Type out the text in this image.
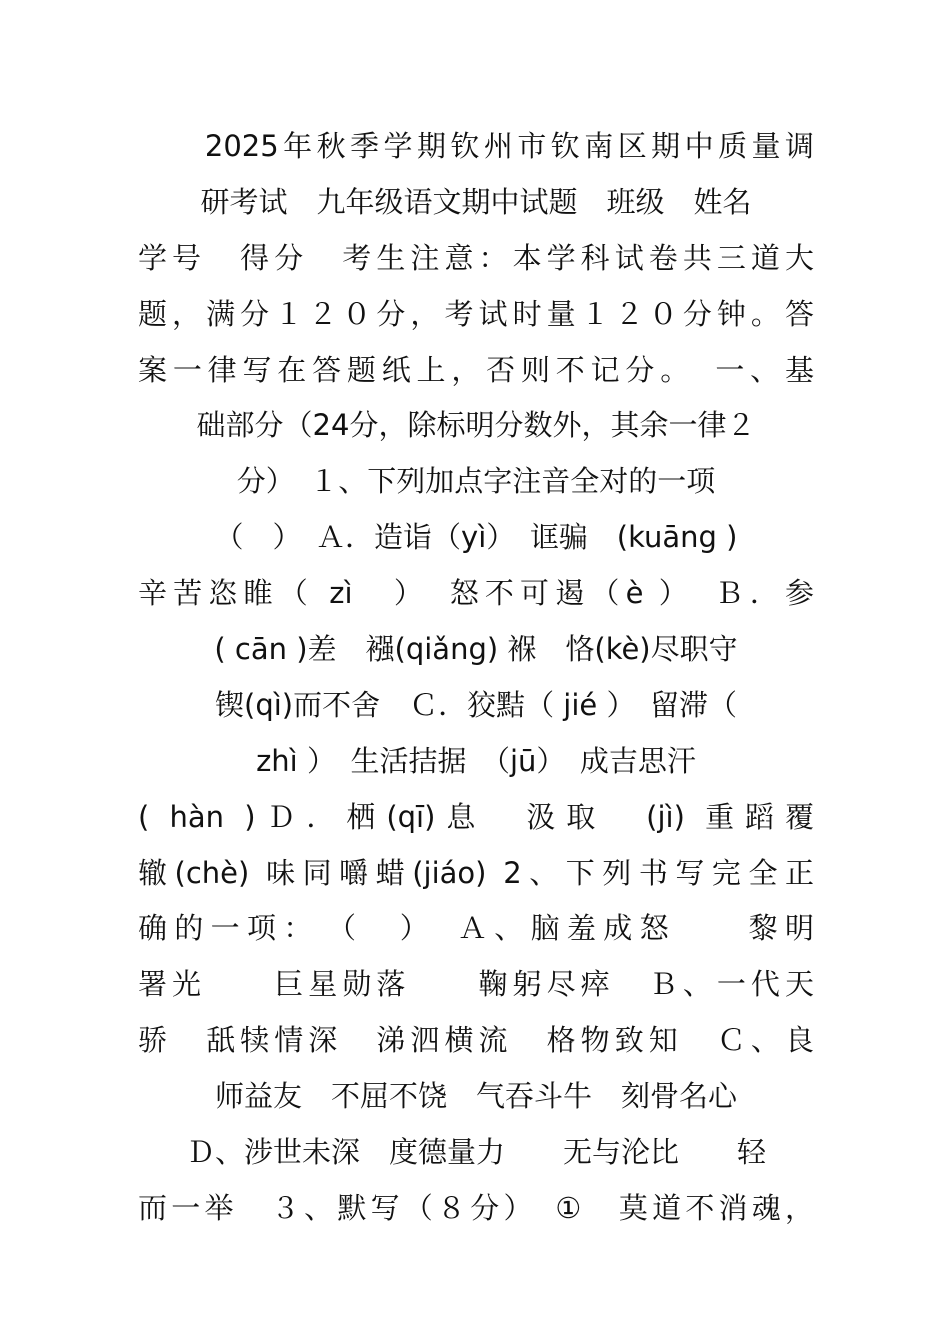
　　2025年秋季学期钦州市钦南区期中质量调
研考试　九年级语文期中试题　班级　姓名
学号　得分　考生注意：本学科试卷共三道大
题，满分１２０分，考试时量１２０分钟。答
案一律写在答题纸上，否则不记分。　一、基
础部分（24分，除标明分数外，其余一律２
分）　１、下列加点字注音全对的一项
（　）　Ａ．造诣（yì）　诓骗　(kuāng )
辛苦恣睢（ zì　）　怒不可遏（è ）　Ｂ．参
( cān )差　襁(qiǎng) 褓　恪(kè)尽职守
锲(qì)而不舍　Ｃ．狡黠（ jié ）　留滞（
zhì ）　生活拮据　（jū）　成吉思汗
( hàn )Ｄ．栖(qī)息　汲取　(jì) 重蹈覆
辙(chè) 味同嚼蜡(jiáo) 2、下列书写完全正
确的一项：　（　）　Ａ、脑羞成怒　　黎明
署光　　巨星勋落　　鞠躬尽瘁　Ｂ、一代天
骄　舐犊情深　涕泗横流　格物致知　Ｃ、良
师益友　不屈不饶　气吞斗牛　刻骨名心
Ｄ、涉世未深　度德量力　　无与沦比　　轻
而一举　３、默写（８分）　①　莫道不消魂，
